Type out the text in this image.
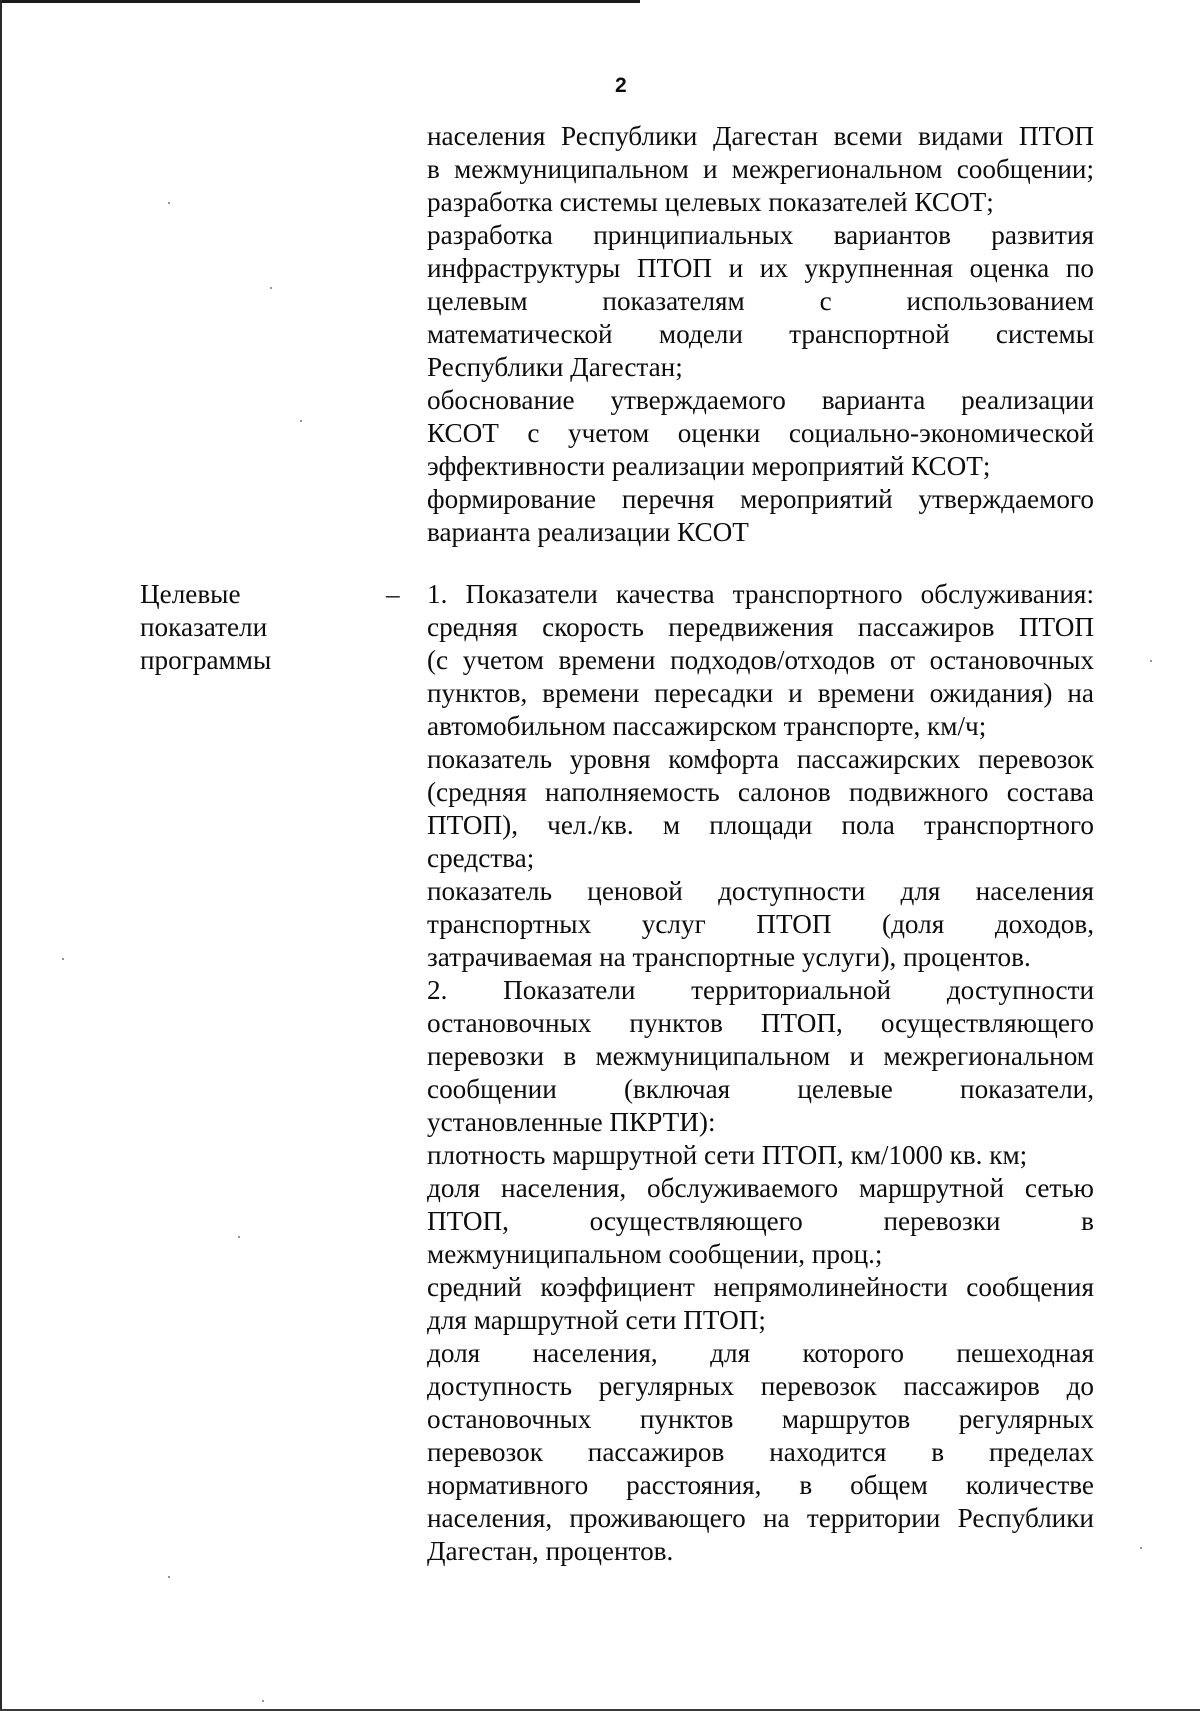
2
населения Республики Дагестан всеми видами ПТОП
в межмуниципальном и межрегиональном сообщении;
разработка системы целевых показателей КСОТ;
разработка принципиальных вариантов развития
инфраструктуры ПТОП и их укрупненная оценка по
целевым показателям с использованием
математической модели транспортной системы
Республики Дагестан;
обоснование утверждаемого варианта реализации
КСОТ с учетом оценки социально-экономической
эффективности реализации мероприятий КСОТ;
формирование перечня мероприятий утверждаемого
варианта реализации КСОТ
Целевые
показатели
программы
– 1. Показатели качества транспортного обслуживания:
средняя скорость передвижения пассажиров ПТОП
(с учетом времени подходов/отходов от остановочных
пунктов, времени пересадки и времени ожидания) на
автомобильном пассажирском транспорте, км/ч;
показатель уровня комфорта пассажирских перевозок
(средняя наполняемость салонов подвижного состава
ПТОП), чел./кв. м площади пола транспортного
средства;
показатель ценовой доступности для населения
транспортных услуг ПТОП (доля доходов,
затрачиваемая на транспортные услуги), процентов.
2. Показатели территориальной доступности
остановочных пунктов ПТОП, осуществляющего
перевозки в межмуниципальном и межрегиональном
сообщении (включая целевые показатели,
установленные ПКРТИ):
плотность маршрутной сети ПТОП, км/1000 кв. км;
доля населения, обслуживаемого маршрутной сетью
ПТОП, осуществляющего перевозки в
межмуниципальном сообщении, проц.;
средний коэффициент непрямолинейности сообщения
для маршрутной сети ПТОП;
доля населения, для которого пешеходная
доступность регулярных перевозок пассажиров до
остановочных пунктов маршрутов регулярных
перевозок пассажиров находится в пределах
нормативного расстояния, в общем количестве
населения, проживающего на территории Республики
Дагестан, процентов.
